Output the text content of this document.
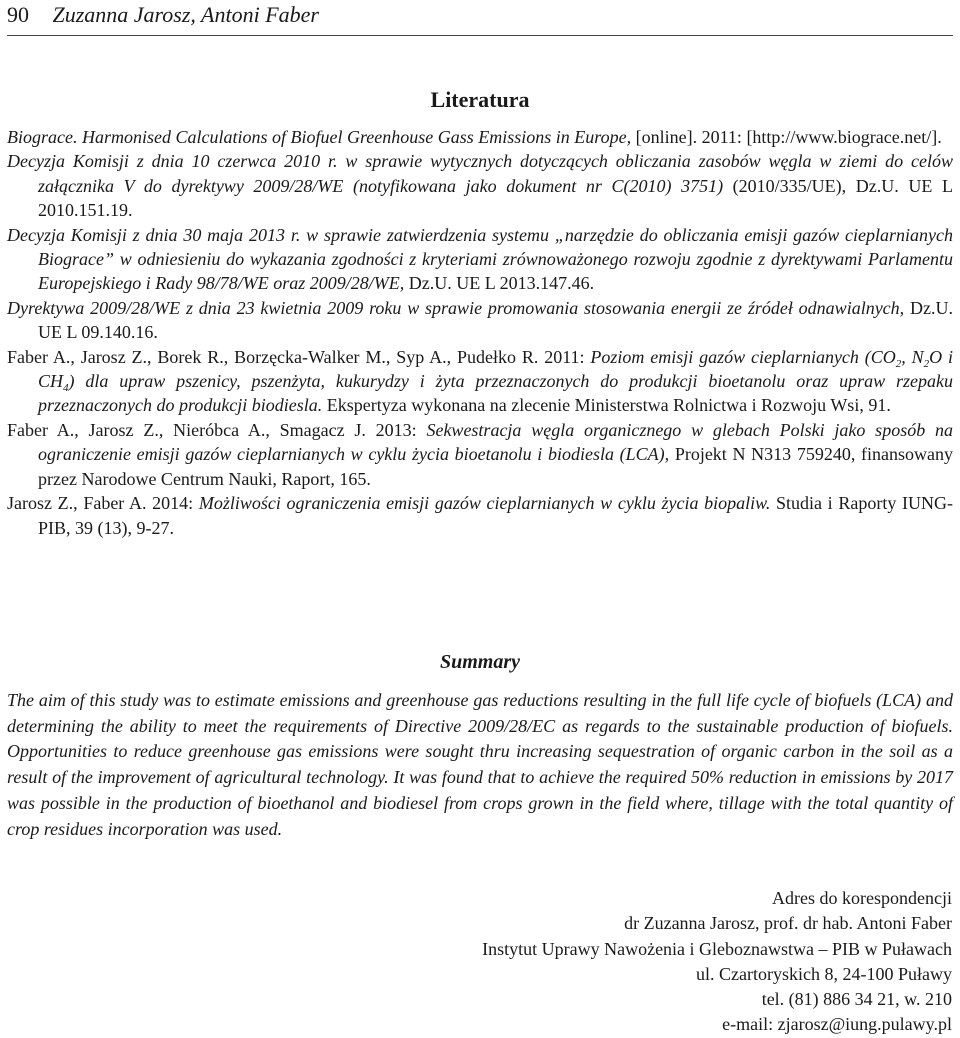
90 Zuzanna Jarosz, Antoni Faber
Literatura

Biograce. Harmonised Calculations of Biofuel Greenhouse Gass Emissions in Europe, [online]. 2011: [http://www.biograce.net/].

Decyzja Komisji z dnia 10 czerwca 2010 r. w sprawie wytycznych dotyczących obliczania zasobów węgla w ziemi do celów załącznika V do dyrektywy 2009/28/WE (notyfikowana jako dokument nr C(2010) 3751) (2010/335/UE), Dz.U. UE L 2010.151.19.

Decyzja Komisji z dnia 30 maja 2013 r. w sprawie zatwierdzenia systemu „narzędzie do obliczania emisji gazów cieplarnianych Biograce” w odniesieniu do wykazania zgodności z kryteriami zrównoważonego rozwoju zgodnie z dyrektywami Parlamentu Europejskiego i Rady 98/78/WE oraz 2009/28/WE, Dz.U. UE L 2013.147.46.

Dyrektywa 2009/28/WE z dnia 23 kwietnia 2009 roku w sprawie promowania stosowania energii ze źródeł odnawialnych, Dz.U. UE L 09.140.16.

Faber A., Jarosz Z., Borek R., Borzęcka-Walker M., Syp A., Pudełko R. 2011: Poziom emisji gazów cieplarnianych ($CO_2$, $N_2O$ i $CH_4$) dla upraw pszenicy, pszenżyta, kukurydzy i żyta przeznaczonych do produkcji bioetanolu oraz upraw rzepaku przeznaczonych do produkcji biodiesla. Ekspertyza wykonana na zlecenie Ministerstwa Rolnictwa i Rozwoju Wsi, 91.

Faber A., Jarosz Z., Nieróbca A., Smagacz J. 2013: Sekwestracja węgla organicznego w glebach Polski jako sposób na ograniczenie emisji gazów cieplarnianych w cyklu życia bioetanolu i biodiesla (LCA), Projekt N N313 759240, finansowany przez Narodowe Centrum Nauki, Raport, 165.

Jarosz Z., Faber A. 2014: Możliwości ograniczenia emisji gazów cieplarnianych w cyklu życia biopaliw. Studia i Raporty IUNG-PIB, 39 (13), 9-27.

Summary

The aim of this study was to estimate emissions and greenhouse gas reductions resulting in the full life cycle of biofuels (LCA) and determining the ability to meet the requirements of Directive 2009/28/EC as regards to the sustainable production of biofuels. Opportunities to reduce greenhouse gas emissions were sought thru increasing sequestration of organic carbon in the soil as a result of the improvement of agricultural technology. It was found that to achieve the required 50% reduction in emissions by 2017 was possible in the production of bioethanol and biodiesel from crops grown in the field where, tillage with the total quantity of crop residues incorporation was used.

Adres do korespondencji
dr Zuzanna Jarosz, prof. dr hab. Antoni Faber
Instytut Uprawy Nawożenia i Gleboznawstwa – PIB w Puławach
ul. Czartoryskich 8, 24-100 Puławy
tel. (81) 886 34 21, w. 210
e-mail: zjarosz@iung.pulawy.pl
